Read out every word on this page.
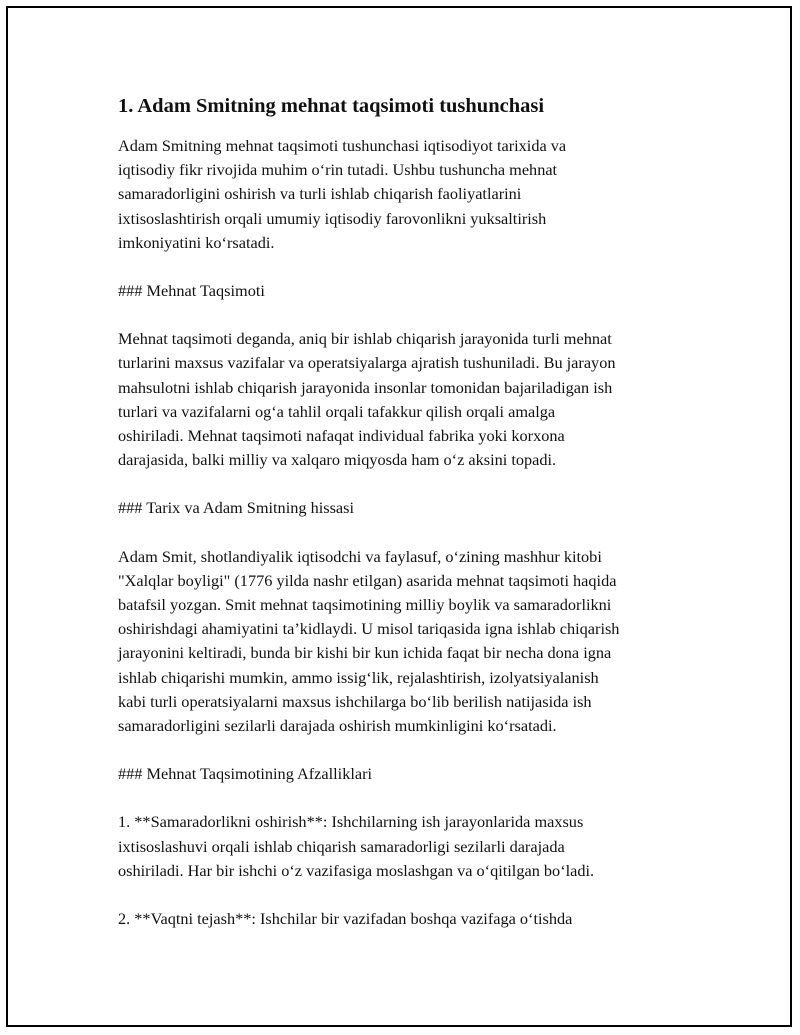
1. Adam Smitning mehnat taqsimoti tushunchasi

Adam Smitning mehnat taqsimoti tushunchasi iqtisodiyot tarixida va
iqtisodiy fikr rivojida muhim o‘rin tutadi. Ushbu tushuncha mehnat
samaradorligini oshirish va turli ishlab chiqarish faoliyatlarini
ixtisoslashtirish orqali umumiy iqtisodiy farovonlikni yuksaltirish
imkoniyatini ko‘rsatadi.

### Mehnat Taqsimoti

Mehnat taqsimoti deganda, aniq bir ishlab chiqarish jarayonida turli mehnat
turlarini maxsus vazifalar va operatsiyalarga ajratish tushuniladi. Bu jarayon
mahsulotni ishlab chiqarish jarayonida insonlar tomonidan bajariladigan ish
turlari va vazifalarni og‘a tahlil orqali tafakkur qilish orqali amalga
oshiriladi. Mehnat taqsimoti nafaqat individual fabrika yoki korxona
darajasida, balki milliy va xalqaro miqyosda ham o‘z aksini topadi.

### Tarix va Adam Smitning hissasi

Adam Smit, shotlandiyalik iqtisodchi va faylasuf, o‘zining mashhur kitobi
"Xalqlar boyligi" (1776 yilda nashr etilgan) asarida mehnat taqsimoti haqida
batafsil yozgan. Smit mehnat taqsimotining milliy boylik va samaradorlikni
oshirishdagi ahamiyatini ta’kidlaydi. U misol tariqasida igna ishlab chiqarish
jarayonini keltiradi, bunda bir kishi bir kun ichida faqat bir necha dona igna
ishlab chiqarishi mumkin, ammo issig‘lik, rejalashtirish, izolyatsiyalanish
kabi turli operatsiyalarni maxsus ishchilarga bo‘lib berilish natijasida ish
samaradorligini sezilarli darajada oshirish mumkinligini ko‘rsatadi.

### Mehnat Taqsimotining Afzalliklari

1. **Samaradorlikni oshirish**: Ishchilarning ish jarayonlarida maxsus
ixtisoslashuvi orqali ishlab chiqarish samaradorligi sezilarli darajada
oshiriladi. Har bir ishchi o‘z vazifasiga moslashgan va o‘qitilgan bo‘ladi.

2. **Vaqtni tejash**: Ishchilar bir vazifadan boshqa vazifaga o‘tishda
